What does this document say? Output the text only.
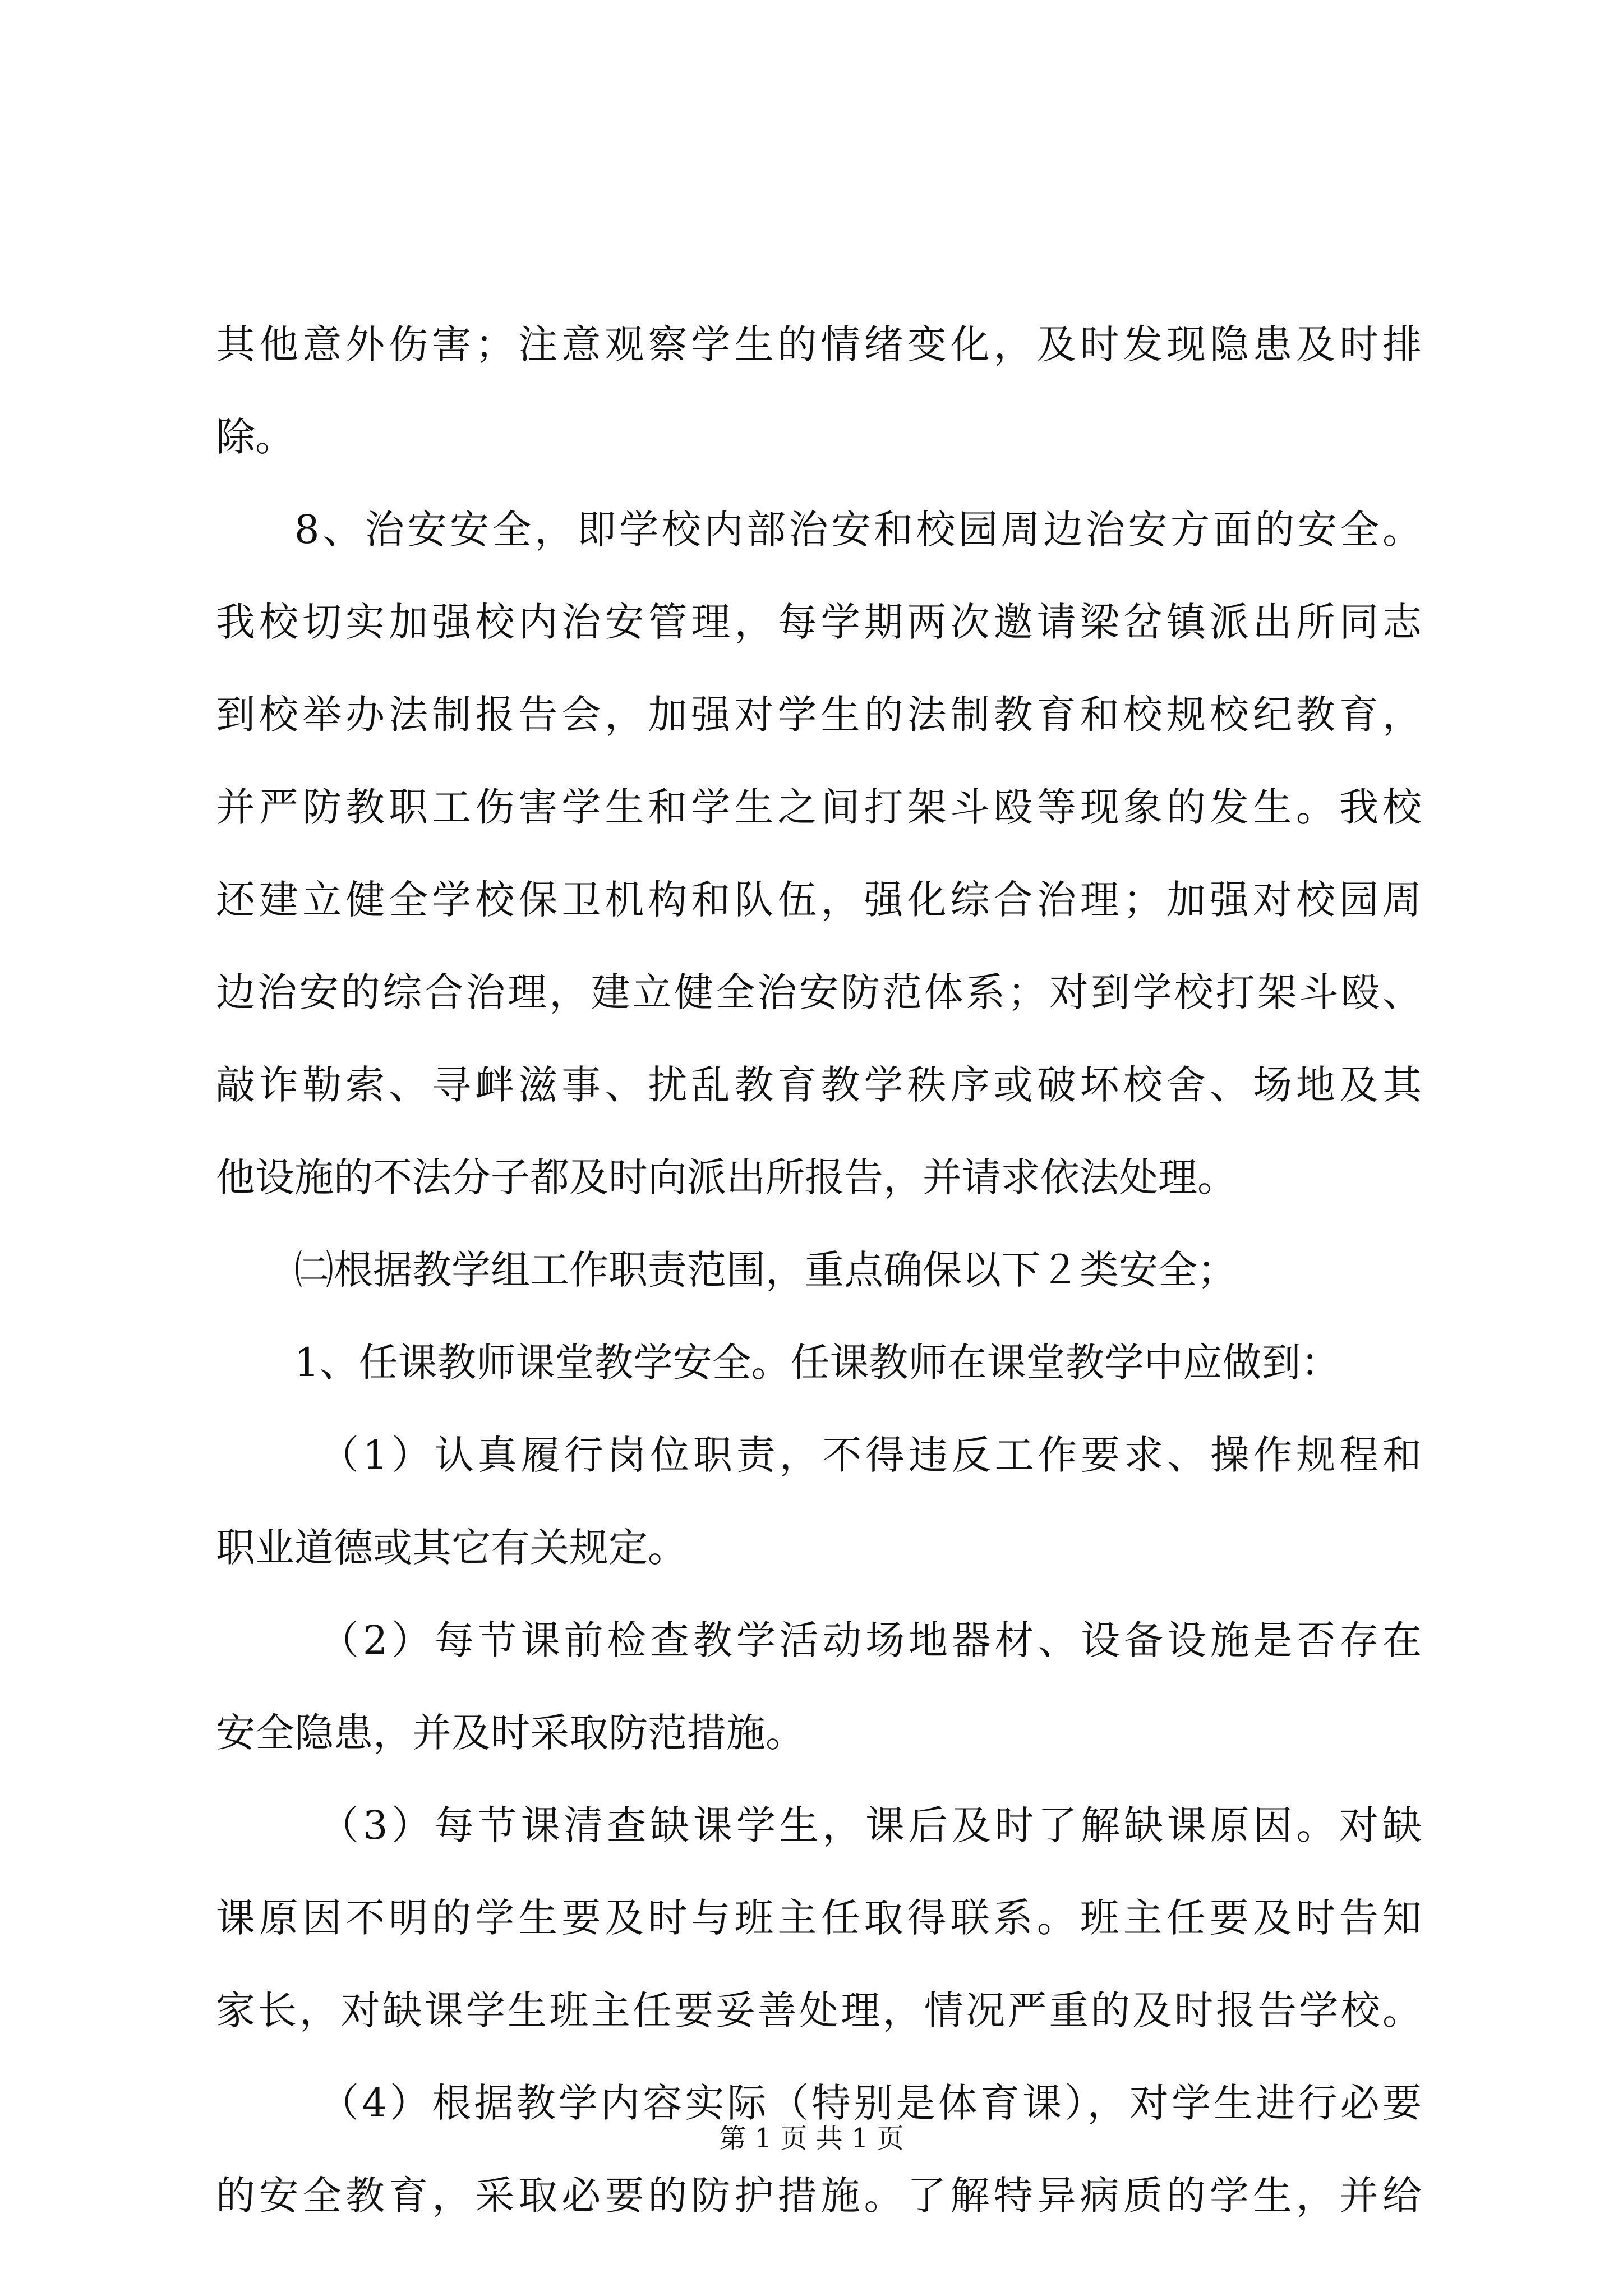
其他意外伤害；注意观察学生的情绪变化，及时发现隐患及时排
除。
8、治安安全，即学校内部治安和校园周边治安方面的安全。
我校切实加强校内治安管理，每学期两次邀请梁岔镇派出所同志
到校举办法制报告会，加强对学生的法制教育和校规校纪教育，
并严防教职工伤害学生和学生之间打架斗殴等现象的发生。我校
还建立健全学校保卫机构和队伍，强化综合治理；加强对校园周
边治安的综合治理，建立健全治安防范体系；对到学校打架斗殴、
敲诈勒索、寻衅滋事、扰乱教育教学秩序或破坏校舍、场地及其
他设施的不法分子都及时向派出所报告，并请求依法处理。
㈡根据教学组工作职责范围，重点确保以下２类安全；
1、任课教师课堂教学安全。任课教师在课堂教学中应做到：
（1）认真履行岗位职责，不得违反工作要求、操作规程和
职业道德或其它有关规定。
（2）每节课前检查教学活动场地器材、设备设施是否存在
安全隐患，并及时采取防范措施。
（3）每节课清查缺课学生，课后及时了解缺课原因。对缺
课原因不明的学生要及时与班主任取得联系。班主任要及时告知
家长，对缺课学生班主任要妥善处理，情况严重的及时报告学校。
（4）根据教学内容实际（特别是体育课），对学生进行必要
的安全教育，采取必要的防护措施。了解特异病质的学生，并给
第 1 页 共 1 页
